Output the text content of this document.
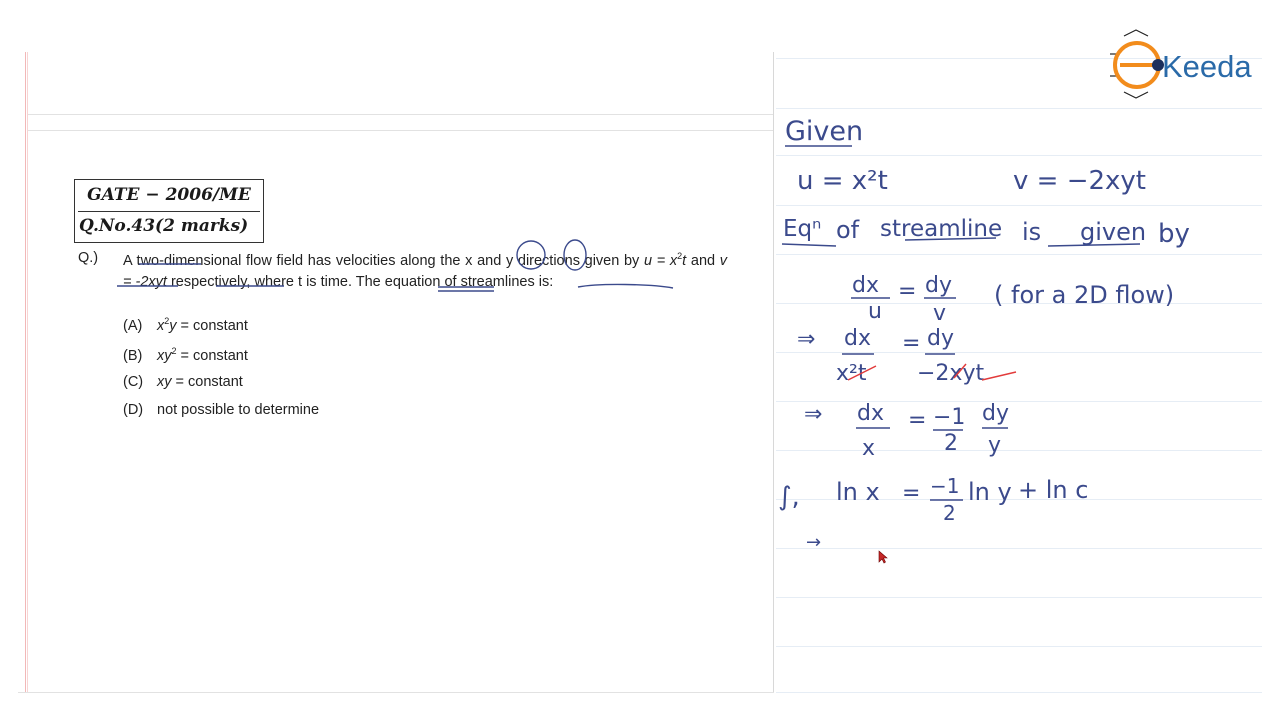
GATE − 2006/ME
Q.No.43(2 marks)
Q.) A two-dimensional flow field has velocities along the x and y directions given by $u = x^2t$ and v = -2xyt respectively, where t is time. The equation of streamlines is:
(A) $x^2y$ = constant
(B) $xy^2$ = constant
(C) xy = constant
(D) not possible to determine
Keeda
Given
u = x²t	v = −2xyt
Eqⁿ of streamline is given by
dx
u
= dy
v
( for a 2D flow)
⇒ dx
x²t
= dy
−2xyt
⇒ dx
x
= −1
2
dy
y
∫, ln x = −1
2
ln y + ln c
→
